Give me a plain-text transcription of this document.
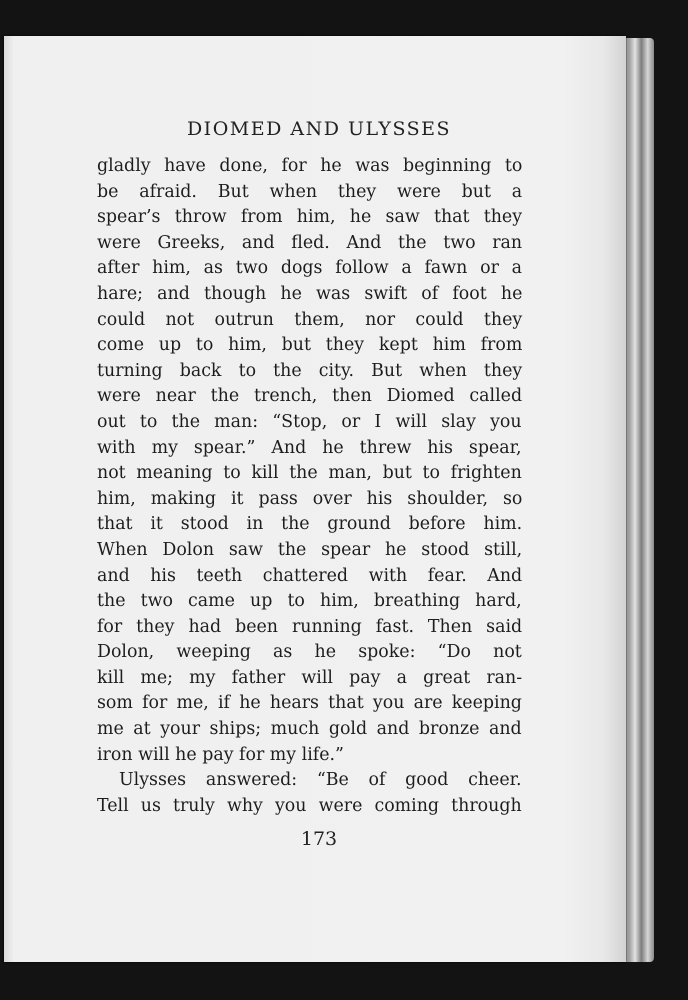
DIOMED AND ULYSSES
gladly have done, for he was beginning to
be afraid. But when they were but a
spear’s throw from him, he saw that they
were Greeks, and fled. And the two ran
after him, as two dogs follow a fawn or a
hare; and though he was swift of foot he
could not outrun them, nor could they
come up to him, but they kept him from
turning back to the city. But when they
were near the trench, then Diomed called
out to the man: “Stop, or I will slay you
with my spear.” And he threw his spear,
not meaning to kill the man, but to frighten
him, making it pass over his shoulder, so
that it stood in the ground before him.
When Dolon saw the spear he stood still,
and his teeth chattered with fear. And
the two came up to him, breathing hard,
for they had been running fast. Then said
Dolon, weeping as he spoke: “Do not
kill me; my father will pay a great ran-
som for me, if he hears that you are keeping
me at your ships; much gold and bronze and
iron will he pay for my life.”
Ulysses answered: “Be of good cheer.
Tell us truly why you were coming through
173
